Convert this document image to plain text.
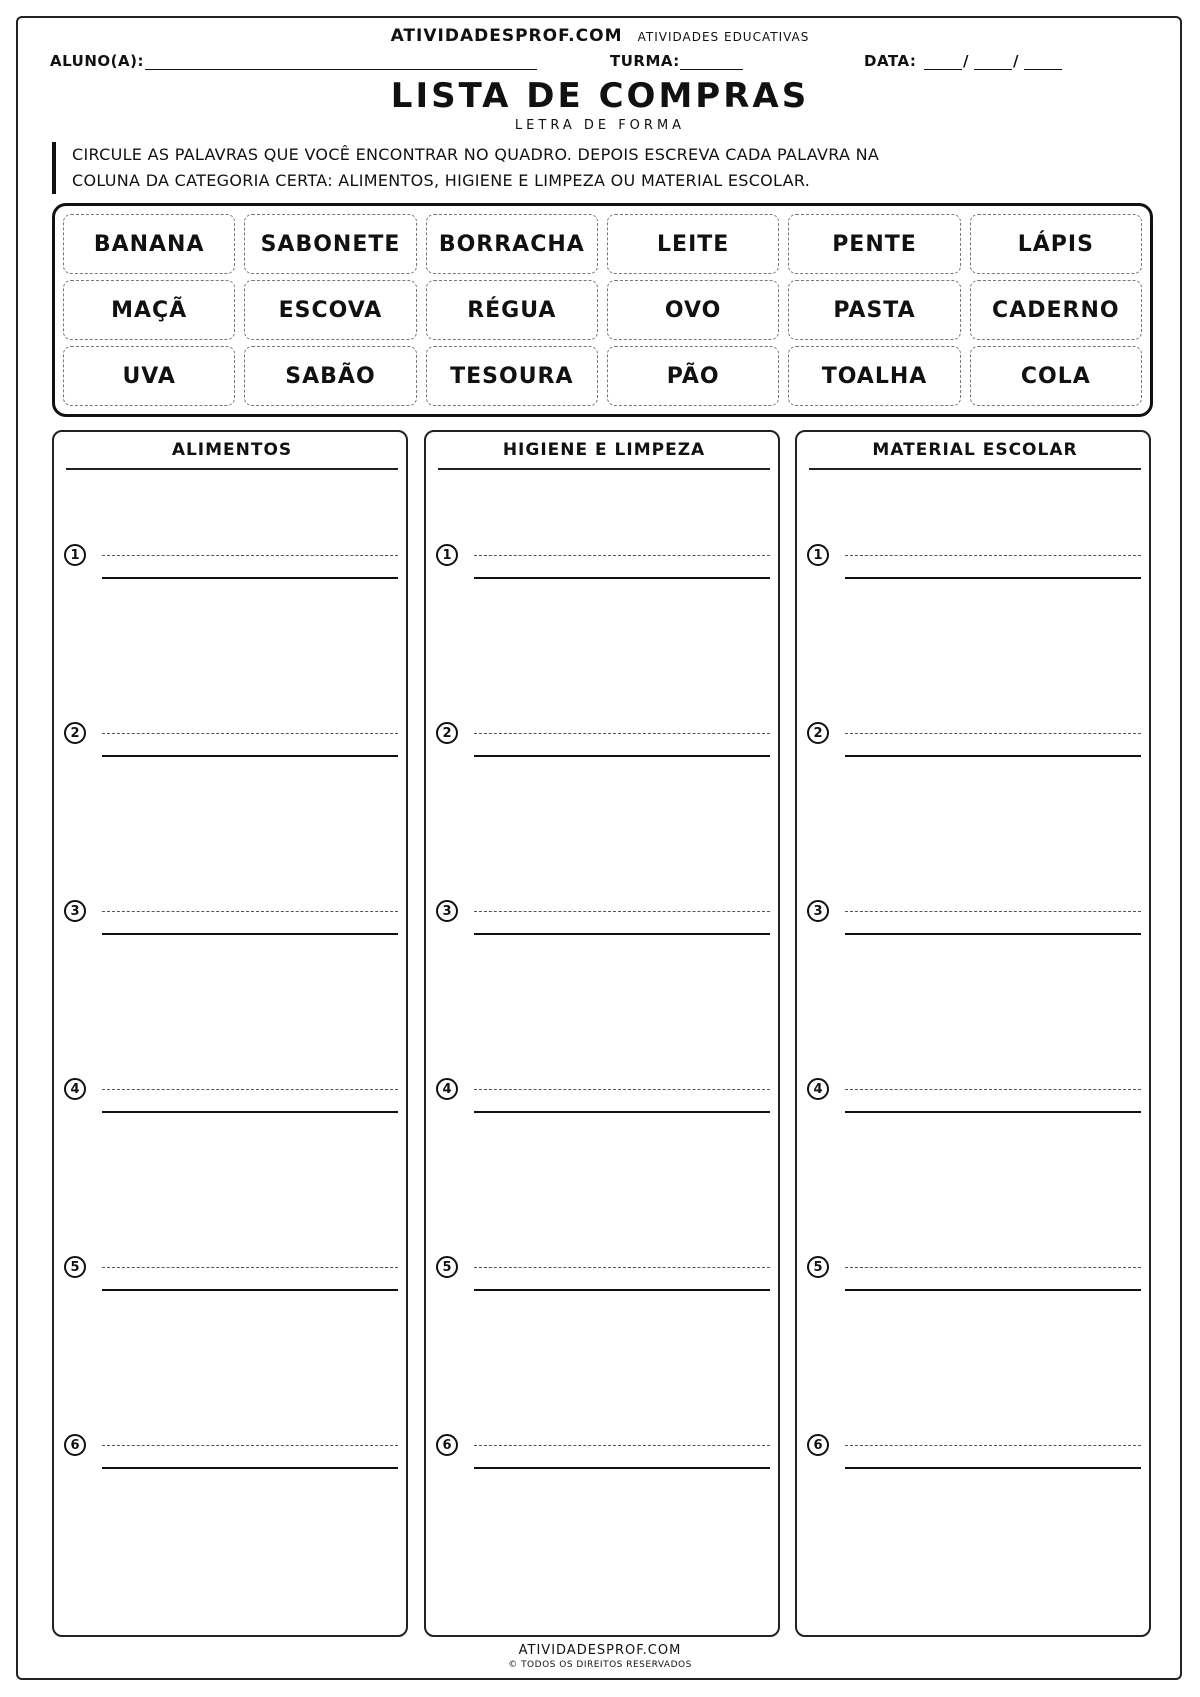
ATIVIDADESPROF.COM ATIVIDADES EDUCATIVAS
ALUNO(A):	TURMA:	DATA:	/	/
LISTA DE COMPRAS
LETRA DE FORMA
CIRCULE AS PALAVRAS QUE VOCÊ ENCONTRAR NO QUADRO. DEPOIS ESCREVA CADA PALAVRA NA
COLUNA DA CATEGORIA CERTA: ALIMENTOS, HIGIENE E LIMPEZA OU MATERIAL ESCOLAR.
BANANA	SABONETE	BORRACHA	LEITE	PENTE	LÁPIS
MAÇÃ	ESCOVA	RÉGUA	OVO	PASTA	CADERNO
UVA	SABÃO	TESOURA	PÃO	TOALHA	COLA
ALIMENTOS
1
2
3
4
5
6
HIGIENE E LIMPEZA
1
2
3
4
5
6
MATERIAL ESCOLAR
1
2
3
4
5
6
ATIVIDADESPROF.COM
© TODOS OS DIREITOS RESERVADOS
